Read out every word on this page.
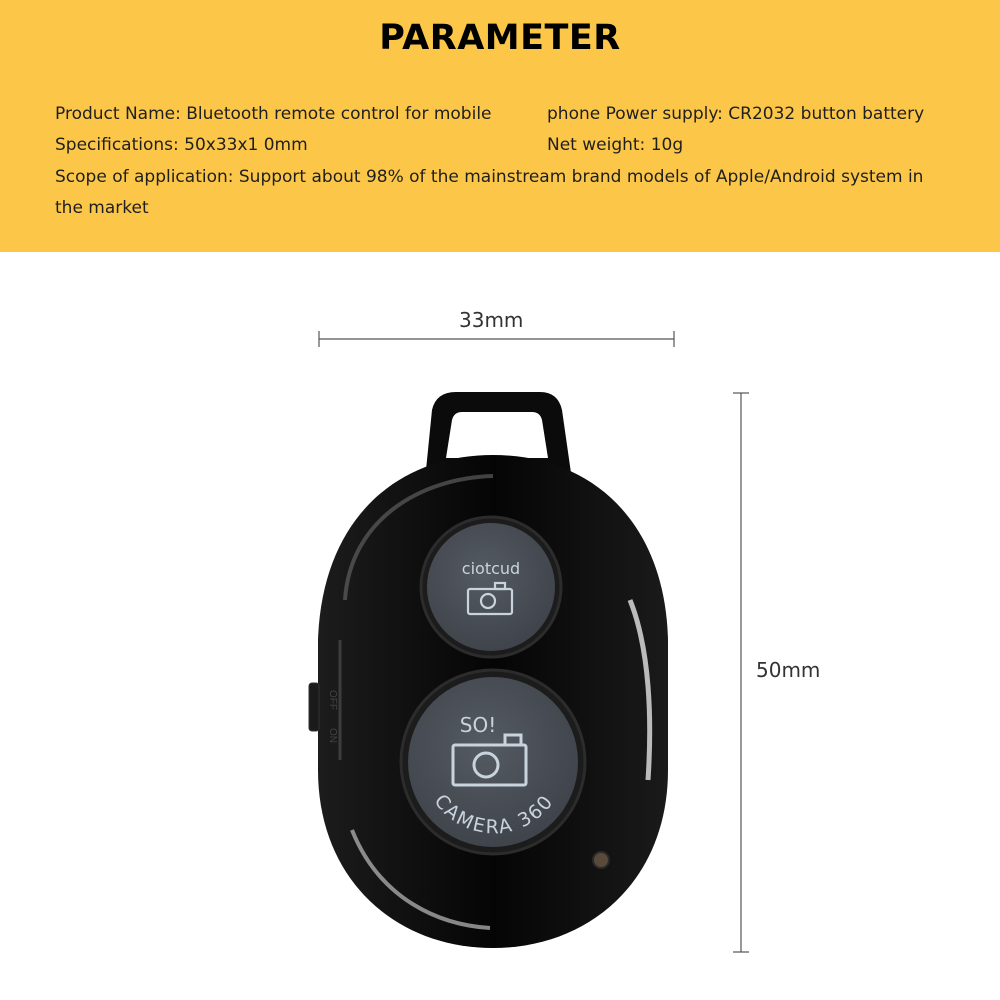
PARAMETER
Product Name: Bluetooth remote control for mobile	phone Power supply: CR2032 button battery
Specifications: 50x33x1 0mm	Net weight: 10g
Scope of application: Support about 98% of the mainstream brand models of Apple/Android system in the market
33mm
50mm
OFF
ON
ciotcud
SO!
CAMERA 360
